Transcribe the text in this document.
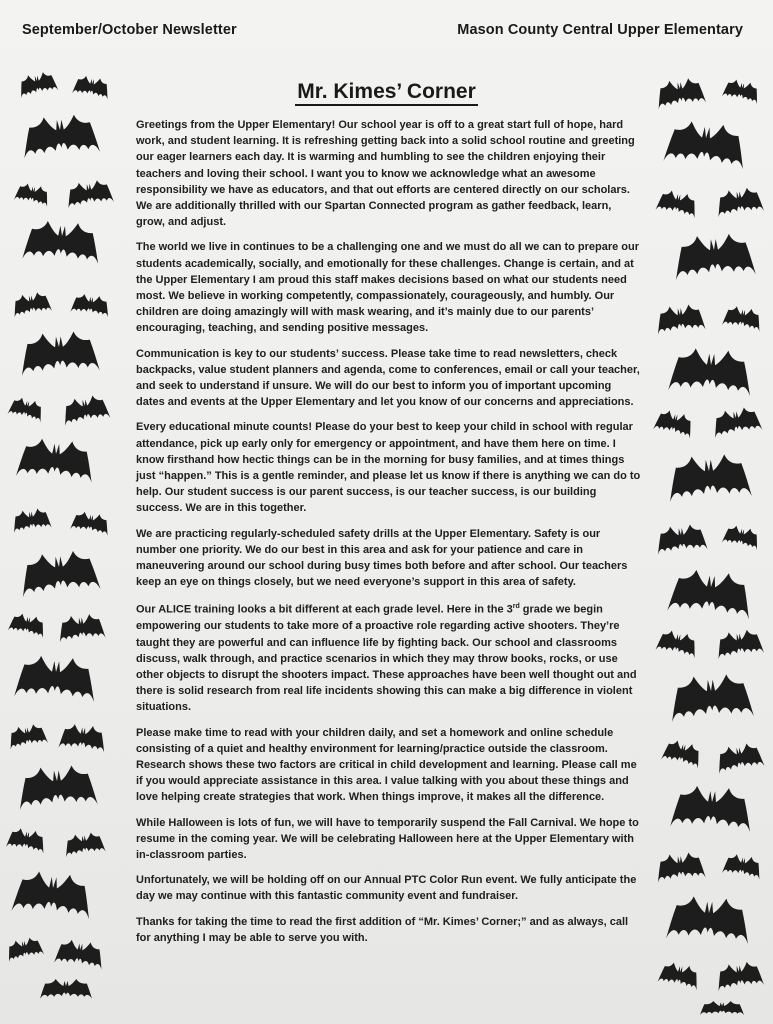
September/October Newsletter	Mason County Central Upper Elementary
Mr. Kimes’ Corner

Greetings from the Upper Elementary! Our school year is off to a great start full of hope, hard work, and student learning. It is refreshing getting back into a solid school routine and greeting our eager learners each day. It is warming and humbling to see the children enjoying their teachers and loving their school. I want you to know we acknowledge what an awesome responsibility we have as educators, and that out efforts are centered directly on our scholars. We are additionally thrilled with our Spartan Connected program as gather feedback, learn, grow, and adjust.

The world we live in continues to be a challenging one and we must do all we can to prepare our students academically, socially, and emotionally for these challenges. Change is certain, and at the Upper Elementary I am proud this staff makes decisions based on what our students need most. We believe in working competently, compassionately, courageously, and humbly. Our children are doing amazingly will with mask wearing, and it’s mainly due to our parents’ encouraging, teaching, and sending positive messages.

Communication is key to our students’ success. Please take time to read newsletters, check backpacks, value student planners and agenda, come to conferences, email or call your teacher, and seek to understand if unsure. We will do our best to inform you of important upcoming dates and events at the Upper Elementary and let you know of our concerns and appreciations.

Every educational minute counts! Please do your best to keep your child in school with regular attendance, pick up early only for emergency or appointment, and have them here on time. I know firsthand how hectic things can be in the morning for busy families, and at times things just “happen.” This is a gentle reminder, and please let us know if there is anything we can do to help. Our student success is our parent success, is our teacher success, is our building success. We are in this together.

We are practicing regularly-scheduled safety drills at the Upper Elementary. Safety is our number one priority. We do our best in this area and ask for your patience and care in maneuvering around our school during busy times both before and after school. Our teachers keep an eye on things closely, but we need everyone’s support in this area of safety.

Our ALICE training looks a bit different at each grade level. Here in the 3rd grade we begin empowering our students to take more of a proactive role regarding active shooters. They’re taught they are powerful and can influence life by fighting back. Our school and classrooms discuss, walk through, and practice scenarios in which they may throw books, rocks, or use other objects to disrupt the shooters impact. These approaches have been well thought out and there is solid research from real life incidents showing this can make a big difference in violent situations.

Please make time to read with your children daily, and set a homework and online schedule consisting of a quiet and healthy environment for learning/practice outside the classroom. Research shows these two factors are critical in child development and learning. Please call me if you would appreciate assistance in this area. I value talking with you about these things and love helping create strategies that work. When things improve, it makes all the difference.

While Halloween is lots of fun, we will have to temporarily suspend the Fall Carnival. We hope to resume in the coming year. We will be celebrating Halloween here at the Upper Elementary with in-classroom parties.

Unfortunately, we will be holding off on our Annual PTC Color Run event. We fully anticipate the day we may continue with this fantastic community event and fundraiser.

Thanks for taking the time to read the first addition of “Mr. Kimes’ Corner;” and as always, call for anything I may be able to serve you with.
